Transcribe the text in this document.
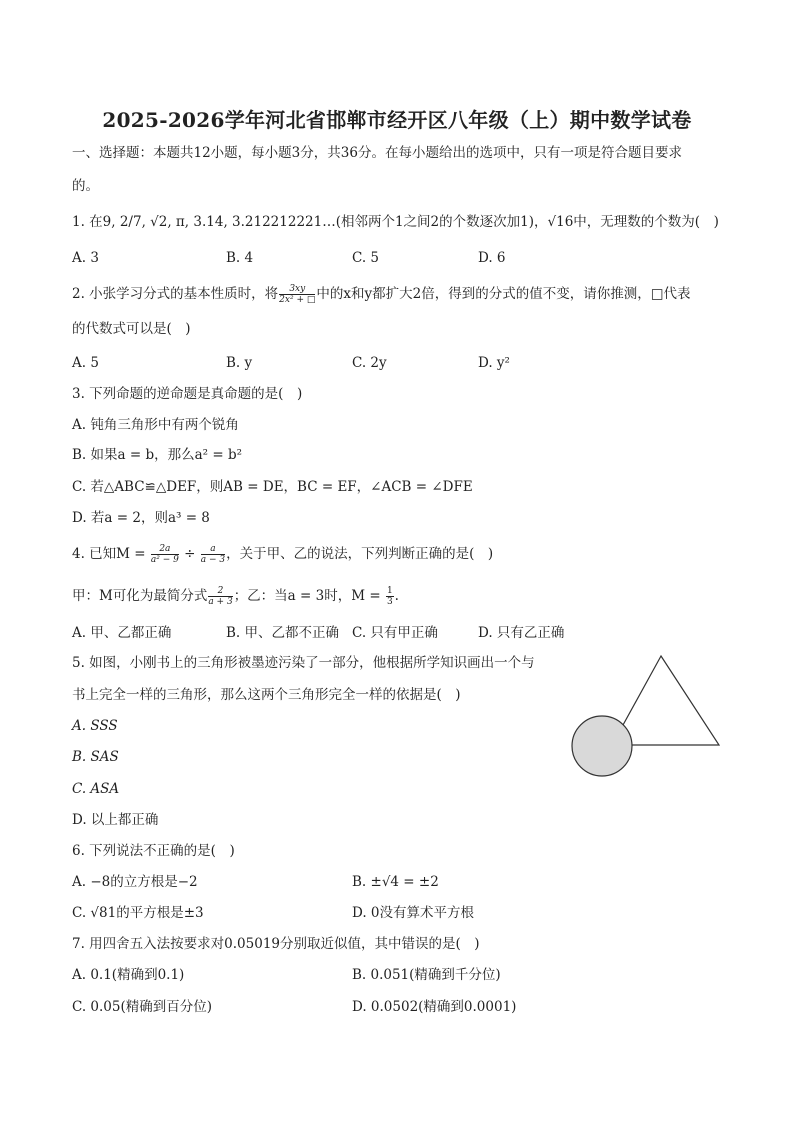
2025-2026学年河北省邯郸市经开区八年级（上）期中数学试卷
一、选择题：本题共12小题，每小题3分，共36分。在每小题给出的选项中，只有一项是符合题目要求
的。
1. 在9, 2/7, √2, π, 3.14, 3.212212221…(相邻两个1之间2的个数逐次加1)，√16中，无理数的个数为(　)
A. 3	B. 4	C. 5	D. 6
2. 小张学习分式的基本性质时，将 $\frac{3xy}{\text{2x² + □}}$ 中的x和y都扩大2倍，得到的分式的值不变，请你推测，□代表
的代数式可以是(　)
A. 5	B. y	C. 2y	D. y²
3. 下列命题的逆命题是真命题的是(　)
A. 钝角三角形中有两个锐角
B. 如果a = b，那么a² = b²
C. 若△ABC≌△DEF，则AB = DE，BC = EF，∠ACB = ∠DFE
D. 若a = 2，则a³ = 8
4. 已知$M = \frac{2a}{\text{a² − 9}} \div \frac{a}{a - 3}$ ，关于甲、乙的说法，下列判断正确的是(　)
甲：M可化为最简分式 $\frac{2}{a + 3}$ ；乙：当a = 3时，$M = \frac{1}{3}$ .
A. 甲、乙都正确	B. 甲、乙都不正确 C. 只有甲正确	D. 只有乙正确
5. 如图，小刚书上的三角形被墨迹污染了一部分，他根据所学知识画出一个与
书上完全一样的三角形，那么这两个三角形完全一样的依据是(　)
A. SSS
B. SAS
C. ASA
D. 以上都正确
6. 下列说法不正确的是(　)
A. −8的立方根是−2	B. ±√4 = ±2
C. √81的平方根是±3	D. 0没有算术平方根
7. 用四舍五入法按要求对0.05019分别取近似值，其中错误的是(　)
A. 0.1(精确到0.1)	B. 0.051(精确到千分位)
C. 0.05(精确到百分位)	D. 0.0502(精确到0.0001)
